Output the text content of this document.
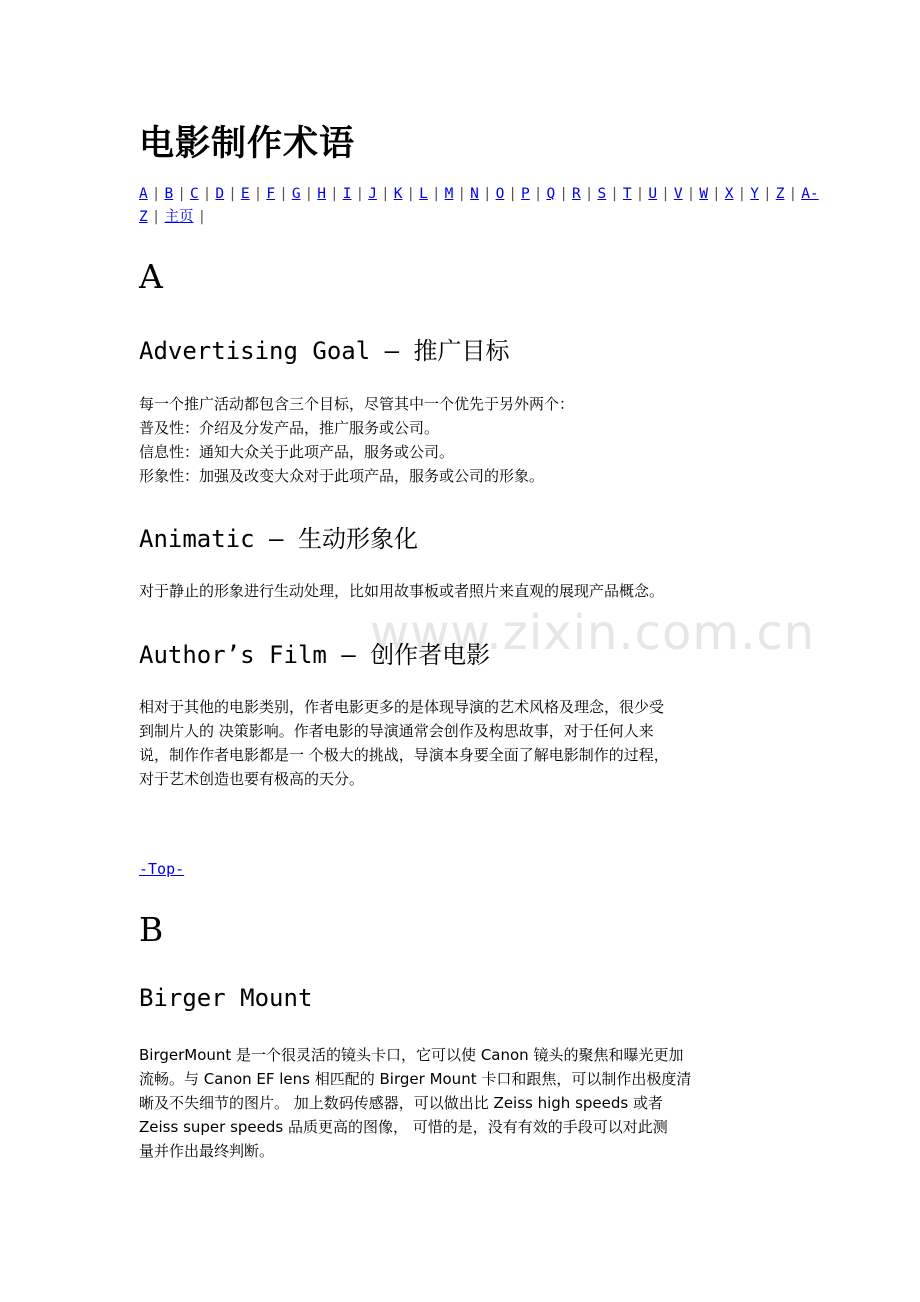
www.zixin.com.cn
电影制作术语
A | B | C | D | E | F | G | H | I | J | K | L | M | N | O | P | Q | R | S | T | U | V | W | X | Y | Z | A-Z | 主页 |
A
Advertising Goal – 推广目标
每一个推广活动都包含三个目标，尽管其中一个优先于另外两个：
普及性：介绍及分发产品，推广服务或公司。
信息性：通知大众关于此项产品，服务或公司。
形象性：加强及改变大众对于此项产品，服务或公司的形象。
Animatic – 生动形象化
对于静止的形象进行生动处理，比如用故事板或者照片来直观的展现产品概念。
Author’s Film – 创作者电影
相对于其他的电影类别，作者电影更多的是体现导演的艺术风格及理念，很少受
到制片人的 决策影响。作者电影的导演通常会创作及构思故事，对于任何人来
说，制作作者电影都是一 个极大的挑战，导演本身要全面了解电影制作的过程，
对于艺术创造也要有极高的天分。
-Top-
B
Birger Mount
BirgerMount 是一个很灵活的镜头卡口，它可以使 Canon 镜头的聚焦和曝光更加
流畅。与 Canon EF lens 相匹配的 Birger Mount 卡口和跟焦，可以制作出极度清
晰及不失细节的图片。 加上数码传感器，可以做出比 Zeiss high speeds 或者
Zeiss super speeds 品质更高的图像， 可惜的是，没有有效的手段可以对此测
量并作出最终判断。
